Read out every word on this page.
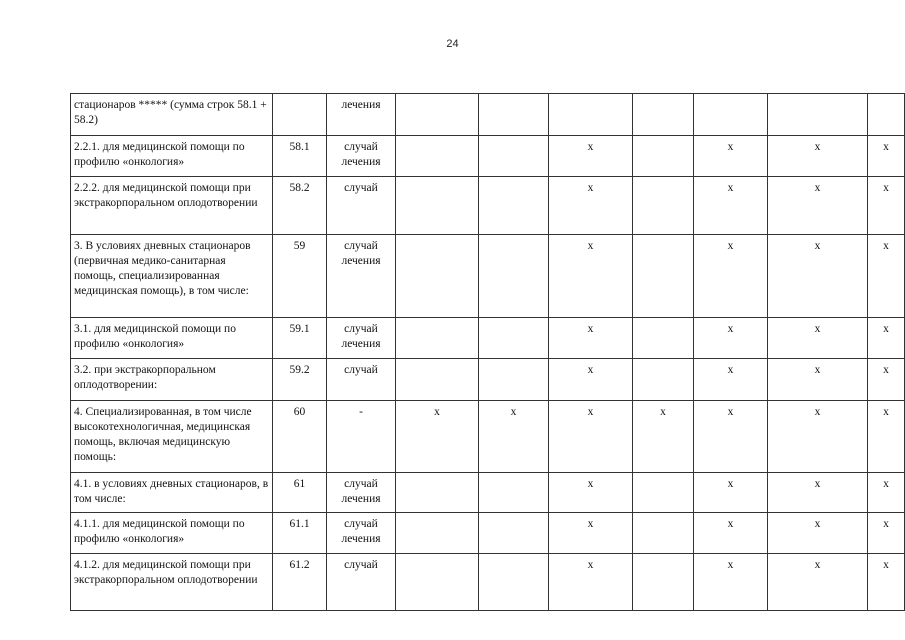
24
стационаров ***** (сумма строк 58.1 + 58.2)		лечения							
2.2.1. для медицинской помощи по профилю «онкология»	58.1	случай лечения			x		x	x	x
2.2.2. для медицинской помощи при экстракорпоральном оплодотворении	58.2	случай			x		x	x	x
3. В условиях дневных стационаров (первичная медико-санитарная помощь, специализированная медицинская помощь), в том числе:	59	случай лечения			x		x	x	x
3.1. для медицинской помощи по профилю «онкология»	59.1	случай лечения			x		x	x	x
3.2. при экстракорпоральном оплодотворении:	59.2	случай			x		x	x	x
4. Специализированная, в том числе высокотехнологичная, медицинская помощь, включая медицинскую помощь:	60	-	x	x	x	x	x	x	x
4.1. в условиях дневных стационаров, в том числе:	61	случай лечения			x		x	x	x
4.1.1. для медицинской помощи по профилю «онкология»	61.1	случай лечения			x		x	x	x
4.1.2. для медицинской помощи при экстракорпоральном оплодотворении	61.2	случай			x		x	x	x
